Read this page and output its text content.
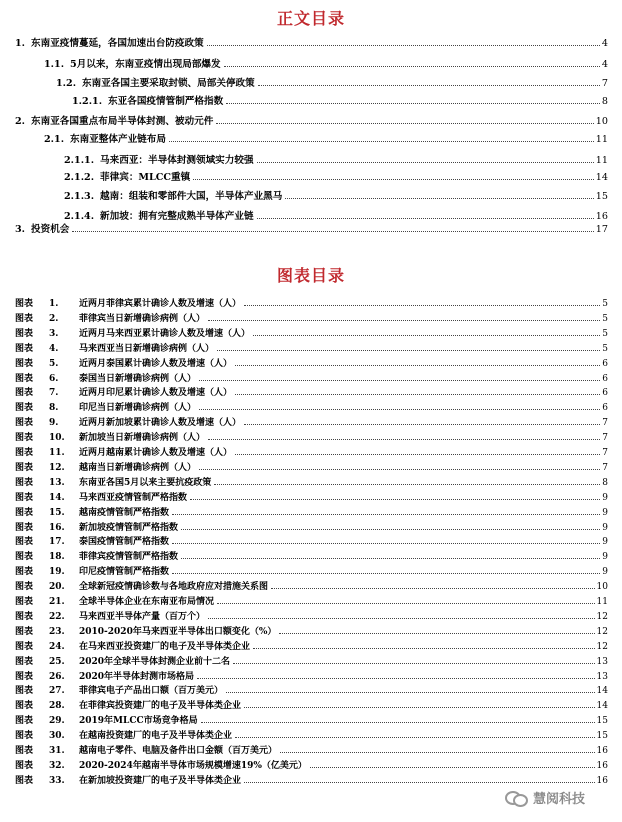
正文目录
1. 东南亚疫情蔓延，各国加速出台防疫政策	4
1.1. 5月以来，东南亚疫情出现局部爆发	4
1.2. 东南亚各国主要采取封锁、局部关停政策	7
1.2.1. 东亚各国疫情管制严格指数	8
2. 东南亚各国重点布局半导体封测、被动元件	10
2.1. 东南亚整体产业链布局	11
2.1.1. 马来西亚：半导体封测领域实力较强	11
2.1.2. 菲律宾：MLCC重镇	14
2.1.3. 越南：组装和零部件大国，半导体产业黑马	15
2.1.4. 新加坡：拥有完整成熟半导体产业链	16
3. 投资机会	17
图表目录
图表	1.	近两月菲律宾累计确诊人数及增速（人）	5
图表	2.	菲律宾当日新增确诊病例（人）	5
图表	3.	近两月马来西亚累计确诊人数及增速（人）	5
图表	4.	马来西亚当日新增确诊病例（人）	5
图表	5.	近两月泰国累计确诊人数及增速（人）	6
图表	6.	泰国当日新增确诊病例（人）	6
图表	7.	近两月印尼累计确诊人数及增速（人）	6
图表	8.	印尼当日新增确诊病例（人）	6
图表	9.	近两月新加坡累计确诊人数及增速（人）	7
图表	10.	新加坡当日新增确诊病例（人）	7
图表	11.	近两月越南累计确诊人数及增速（人）	7
图表	12.	越南当日新增确诊病例（人）	7
图表	13.	东南亚各国5月以来主要抗疫政策	8
图表	14.	马来西亚疫情管制严格指数	9
图表	15.	越南疫情管制严格指数	9
图表	16.	新加坡疫情管制严格指数	9
图表	17.	泰国疫情管制严格指数	9
图表	18.	菲律宾疫情管制严格指数	9
图表	19.	印尼疫情管制严格指数	9
图表	20.	全球新冠疫情确诊数与各地政府应对措施关系图	10
图表	21.	全球半导体企业在东南亚布局情况	11
图表	22.	马来西亚半导体产量（百万个）	12
图表	23.	2010-2020年马来西亚半导体出口额变化（%）	12
图表	24.	在马来西亚投资建厂的电子及半导体类企业	12
图表	25.	2020年全球半导体封测企业前十二名	13
图表	26.	2020年半导体封测市场格局	13
图表	27.	菲律宾电子产品出口额（百万美元）	14
图表	28.	在菲律宾投资建厂的电子及半导体类企业	14
图表	29.	2019年MLCC市场竞争格局	15
图表	30.	在越南投资建厂的电子及半导体类企业	15
图表	31.	越南电子零件、电脑及备件出口金额（百万美元）	16
图表	32.	2020-2024年越南半导体市场规模增速19%（亿美元）	16
图表	33.	在新加坡投资建厂的电子及半导体类企业	16
慧阅科技
